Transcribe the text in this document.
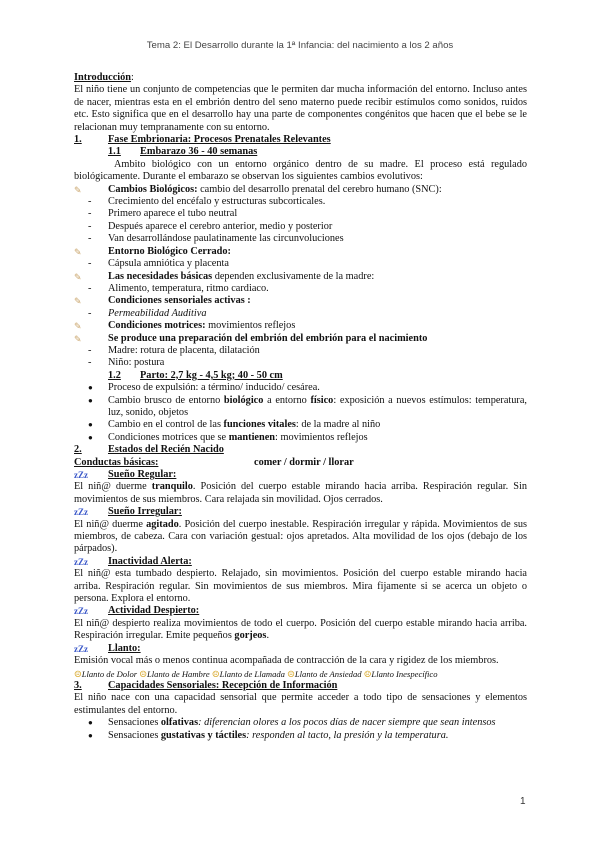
Tema 2: El Desarrollo durante la 1ª Infancia: del nacimiento a los 2 años

Introducción:

El niño tiene un conjunto de competencias que le permiten dar mucha información del entorno. Incluso antes de nacer, mientras esta en el embrión dentro del seno materno puede recibir estímulos como sonidos, ruidos etc. Esto significa que en el desarrollo hay una parte de componentes congénitos que hacen que el bebe se le relacionan muy tempranamente con su entorno.

1.	Fase Embrionaria: Procesos Prenatales Relevantes
1.1	Embarazo 36 - 40 semanas

Ambito biológico con un entorno orgánico dentro de su madre. El proceso está regulado biológicamente. Durante el embarazo se observan los siguientes cambios evolutivos:

✎	Cambios Biológicos: cambio del desarrollo prenatal del cerebro humano (SNC):
-	Crecimiento del encéfalo y estructuras subcorticales.
-	Primero aparece el tubo neutral
-	Después aparece el cerebro anterior, medio y posterior
-	Van desarrollándose paulatinamente las circunvoluciones
✎	Entorno Biológico Cerrado:
-	Cápsula amniótica y placenta
✎	Las necesidades básicas dependen exclusivamente de la madre:
-	Alimento, temperatura, ritmo cardiaco.
✎	Condiciones sensoriales activas :
-	Permeabilidad Auditiva
✎	Condiciones motrices: movimientos reflejos
✎	Se produce una preparación del embrión del embrión para el nacimiento
-	Madre: rotura de placenta, dilatación
-	Niño: postura
1.2	Parto: 2,7 kg - 4,5 kg; 40 - 50 cm
●	Proceso de expulsión: a término/ inducido/ cesárea.
●	Cambio brusco de entorno biológico a entorno físico: exposición a nuevos estímulos: temperatura, luz, sonido, objetos
●	Cambio en el control de las funciones vitales: de la madre al niño
●	Condiciones motrices que se mantienen: movimientos reflejos
2.	Estados del Recién Nacido
Conductas básicas:	comer / dormir / llorar
zZz	Sueño Regular:

El niñ@ duerme tranquilo. Posición del cuerpo estable mirando hacia arriba. Respiración regular. Sin movimientos de sus miembros. Cara relajada sin movilidad. Ojos cerrados.

zZz	Sueño Irregular:

El niñ@ duerme agitado. Posición del cuerpo inestable. Respiración irregular y rápida. Movimientos de sus miembros, de cabeza. Cara con variación gestual: ojos apretados. Alta movilidad de los ojos (debajo de los párpados).

zZz	Inactividad Alerta:

El niñ@ esta tumbado despierto. Relajado, sin movimientos. Posición del cuerpo estable mirando hacia arriba. Respiración regular. Sin movimientos de sus miembros. Mira fijamente si se acerca un objeto o persona. Explora el entorno.

zZz	Actividad Despierto:

El niñ@ despierto realiza movimientos de todo el cuerpo. Posición del cuerpo estable mirando hacia arriba. Respiración irregular. Emite pequeños gorjeos.

zZz	Llanto:

Emisión vocal más o menos continua acompañada de contracción de la cara y rigidez de los miembros.

☹Llanto de Dolor ☹Llanto de Hambre ☹Llanto de Llamada ☹Llanto de Ansiedad ☹Llanto Inespecífico

3.	Capacidades Sensoriales: Recepción de Información

El niño nace con una capacidad sensorial que permite acceder a todo tipo de sensaciones y elementos estimulantes del entorno.

●	Sensaciones olfativas: diferencian olores a los pocos días de nacer siempre que sean intensos
●	Sensaciones gustativas y táctiles: responden al tacto, la presión y la temperatura.
1
